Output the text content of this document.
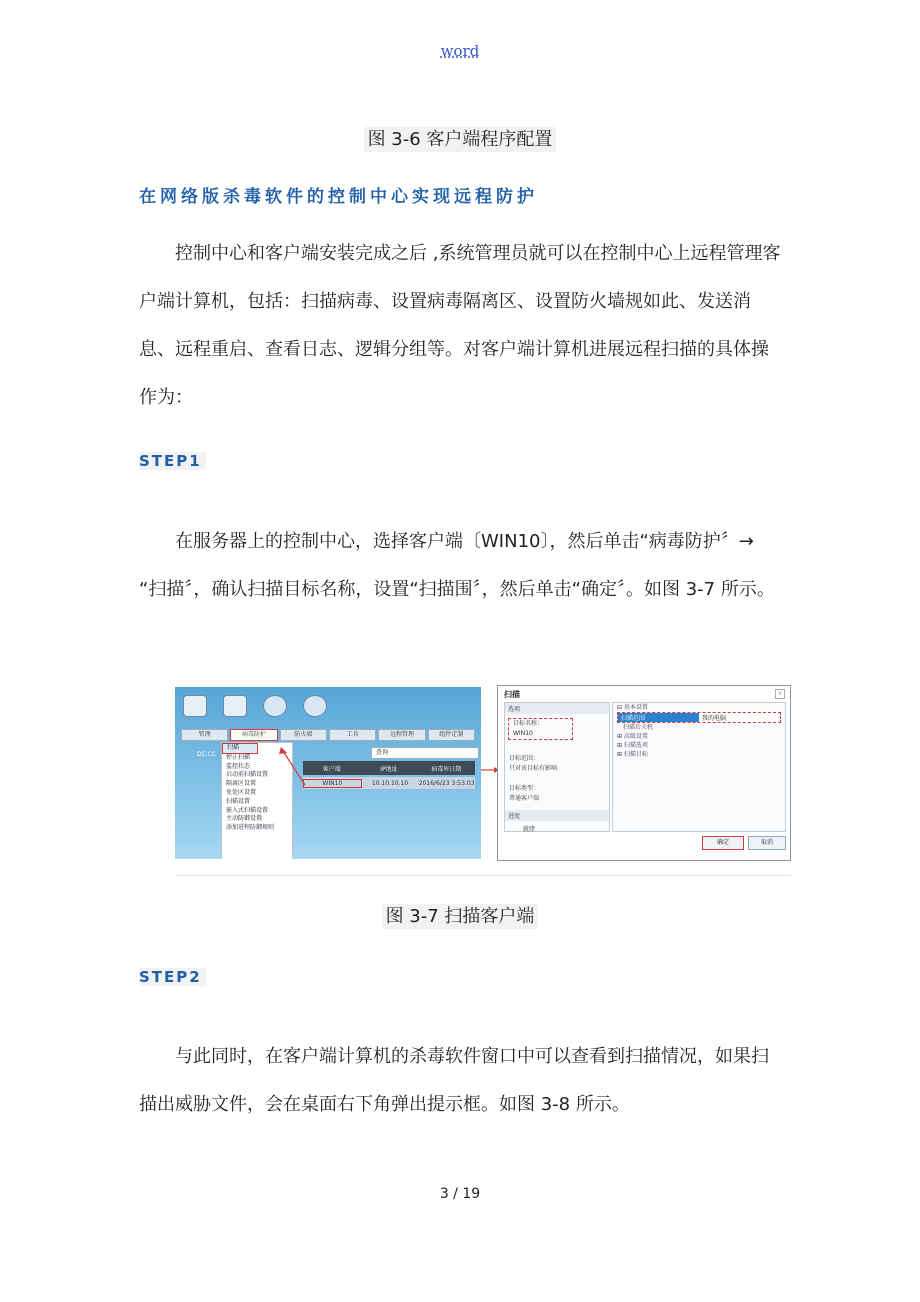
word
图 3-6 客户端程序配置
在网络版杀毒软件的控制中心实现远程防护
控制中心和客户端安装完成之后 ,系统管理员就可以在控制中心上远程管理客户端计算机，包括：扫描病毒、设置病毒隔离区、设置防火墙规如此、发送消息、远程重启、查看日志、逻辑分组等。对客户端计算机进展远程扫描的具体操作为：
STEP1
在服务器上的控制中心，选择客户端〔WIN10〕，然后单击“病毒防护〞→ “扫描〞，确认扫描目标名称，设置“扫描围〞，然后单击“确定〞。如图 3-7 所示。
管理	病毒防护	防火墙	工具	远程管理	组件定制
DC.CC
扫描
停止扫描
监控状态
启动前扫描设置
隔离区设置
免处区设置
扫描设置
嵌入式扫描设置
主动防御设置
添加进程防御规则
查询
客户端	IP地址	病毒库日期
WIN10	10.10.10.10	2016/6/23 3:53:03
扫描	x
选项
目标名称：
WIN10
目标范围：
只对该目标有影响
目标类型：
普通客户端
进度
就绪
⊟ 基本设置
扫描范围	我的电脑
扫描后关机
⊞ 高级设置
⊞ 扫描选项
⊞ 扫描目标
确定	取消
图 3-7 扫描客户端
STEP2
与此同时，在客户端计算机的杀毒软件窗口中可以查看到扫描情况，如果扫描出威胁文件，会在桌面右下角弹出提示框。如图 3-8 所示。
3 / 19
